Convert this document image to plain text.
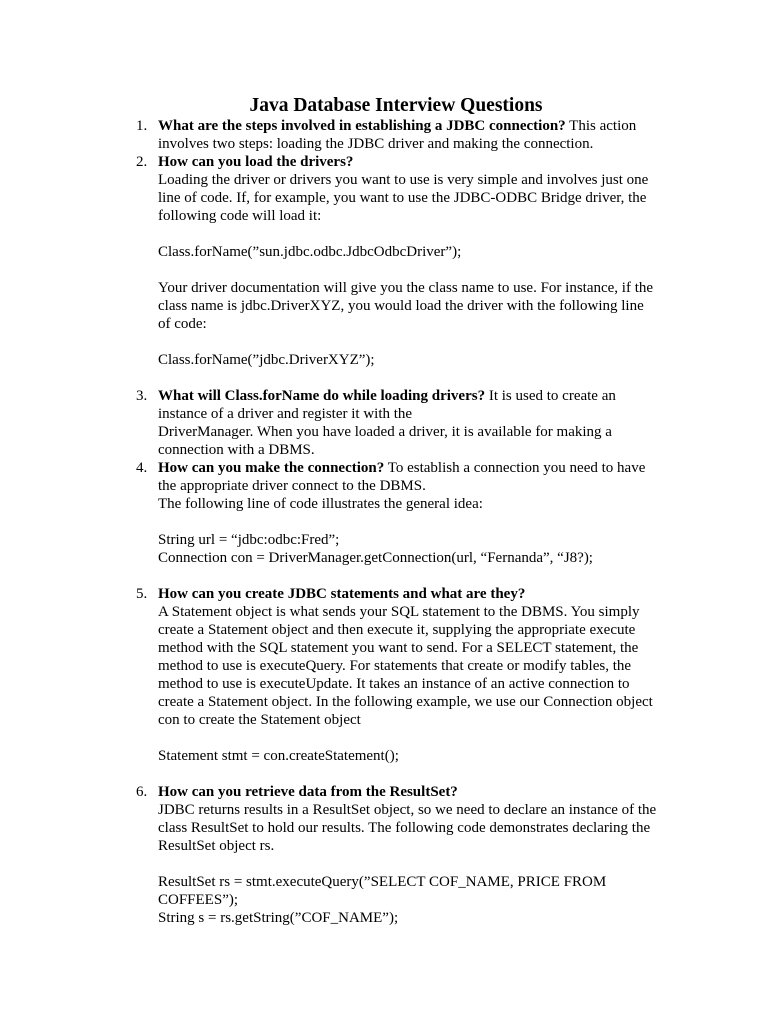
Java Database Interview Questions
1. What are the steps involved in establishing a JDBC connection? This action involves two steps: loading the JDBC driver and making the connection.

2. How can you load the drivers?

Loading the driver or drivers you want to use is very simple and involves just one line of code. If, for example, you want to use the JDBC-ODBC Bridge driver, the following code will load it:

Class.forName(”sun.jdbc.odbc.JdbcOdbcDriver”);

Your driver documentation will give you the class name to use. For instance, if the class name is jdbc.DriverXYZ, you would load the driver with the following line of code:

Class.forName(”jdbc.DriverXYZ”);

3. What will Class.forName do while loading drivers? It is used to create an instance of a driver and register it with the

DriverManager. When you have loaded a driver, it is available for making a connection with a DBMS.

4. How can you make the connection? To establish a connection you need to have the appropriate driver connect to the DBMS.

The following line of code illustrates the general idea:

String url = “jdbc:odbc:Fred”;

Connection con = DriverManager.getConnection(url, “Fernanda”, “J8?);

5. How can you create JDBC statements and what are they?

A Statement object is what sends your SQL statement to the DBMS. You simply create a Statement object and then execute it, supplying the appropriate execute method with the SQL statement you want to send. For a SELECT statement, the method to use is executeQuery. For statements that create or modify tables, the method to use is executeUpdate. It takes an instance of an active connection to create a Statement object. In the following example, we use our Connection object con to create the Statement object

Statement stmt = con.createStatement();

6. How can you retrieve data from the ResultSet?

JDBC returns results in a ResultSet object, so we need to declare an instance of the class ResultSet to hold our results. The following code demonstrates declaring the ResultSet object rs.

ResultSet rs = stmt.executeQuery(”SELECT COF_NAME, PRICE FROM COFFEES”);

String s = rs.getString(”COF_NAME”);
